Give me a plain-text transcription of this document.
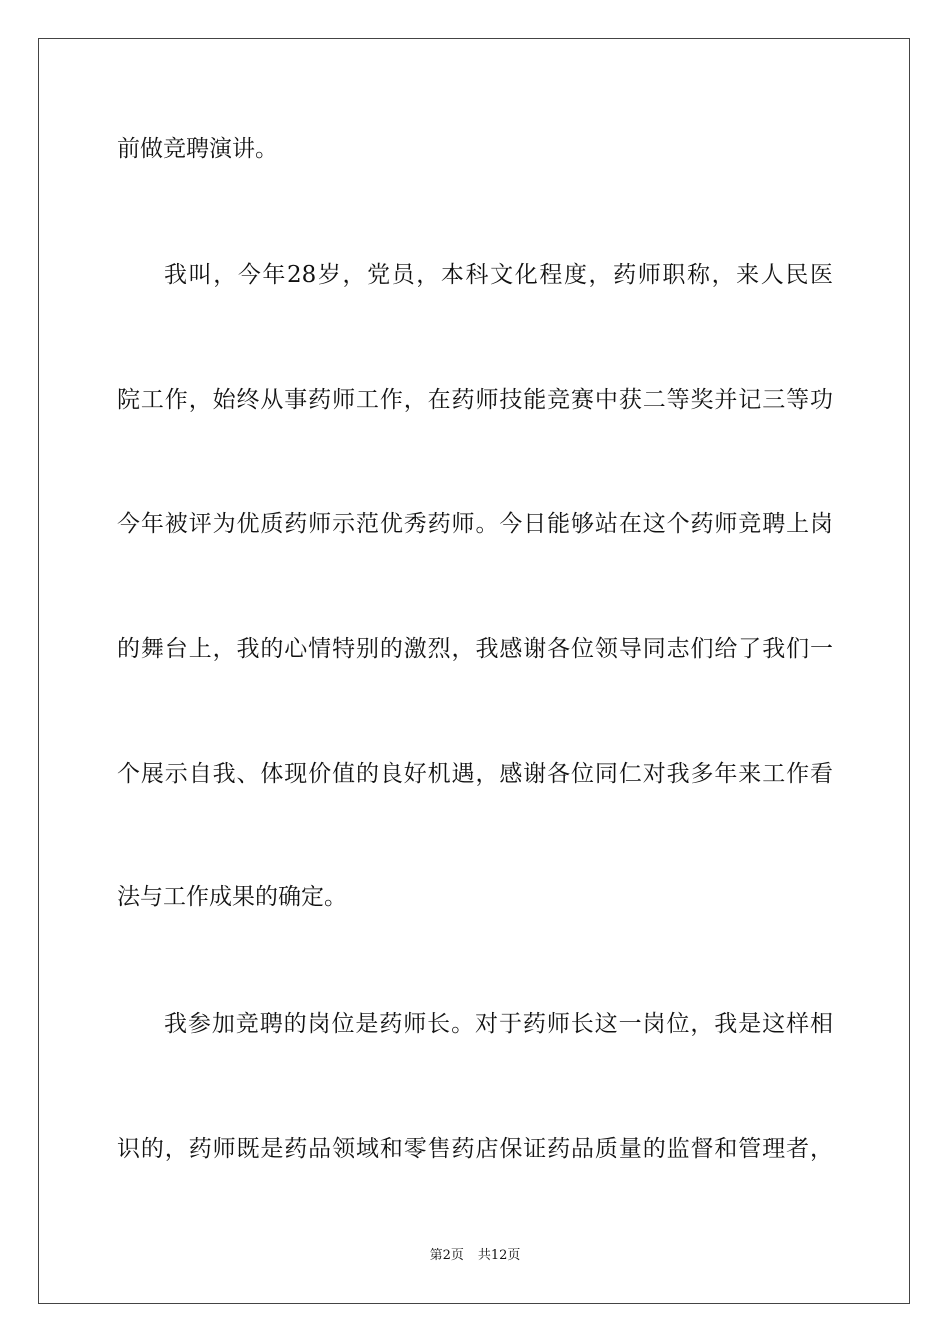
前做竞聘演讲。
我叫，今年28岁，党员，本科文化程度，药师职称，来人民医
院工作，始终从事药师工作，在药师技能竞赛中获二等奖并记三等功
今年被评为优质药师示范优秀药师。今日能够站在这个药师竞聘上岗
的舞台上，我的心情特别的激烈，我感谢各位领导同志们给了我们一
个展示自我、体现价值的良好机遇，感谢各位同仁对我多年来工作看
法与工作成果的确定。
我参加竞聘的岗位是药师长。对于药师长这一岗位，我是这样相
识的，药师既是药品领域和零售药店保证药品质量的监督和管理者，
第2页 共12页
